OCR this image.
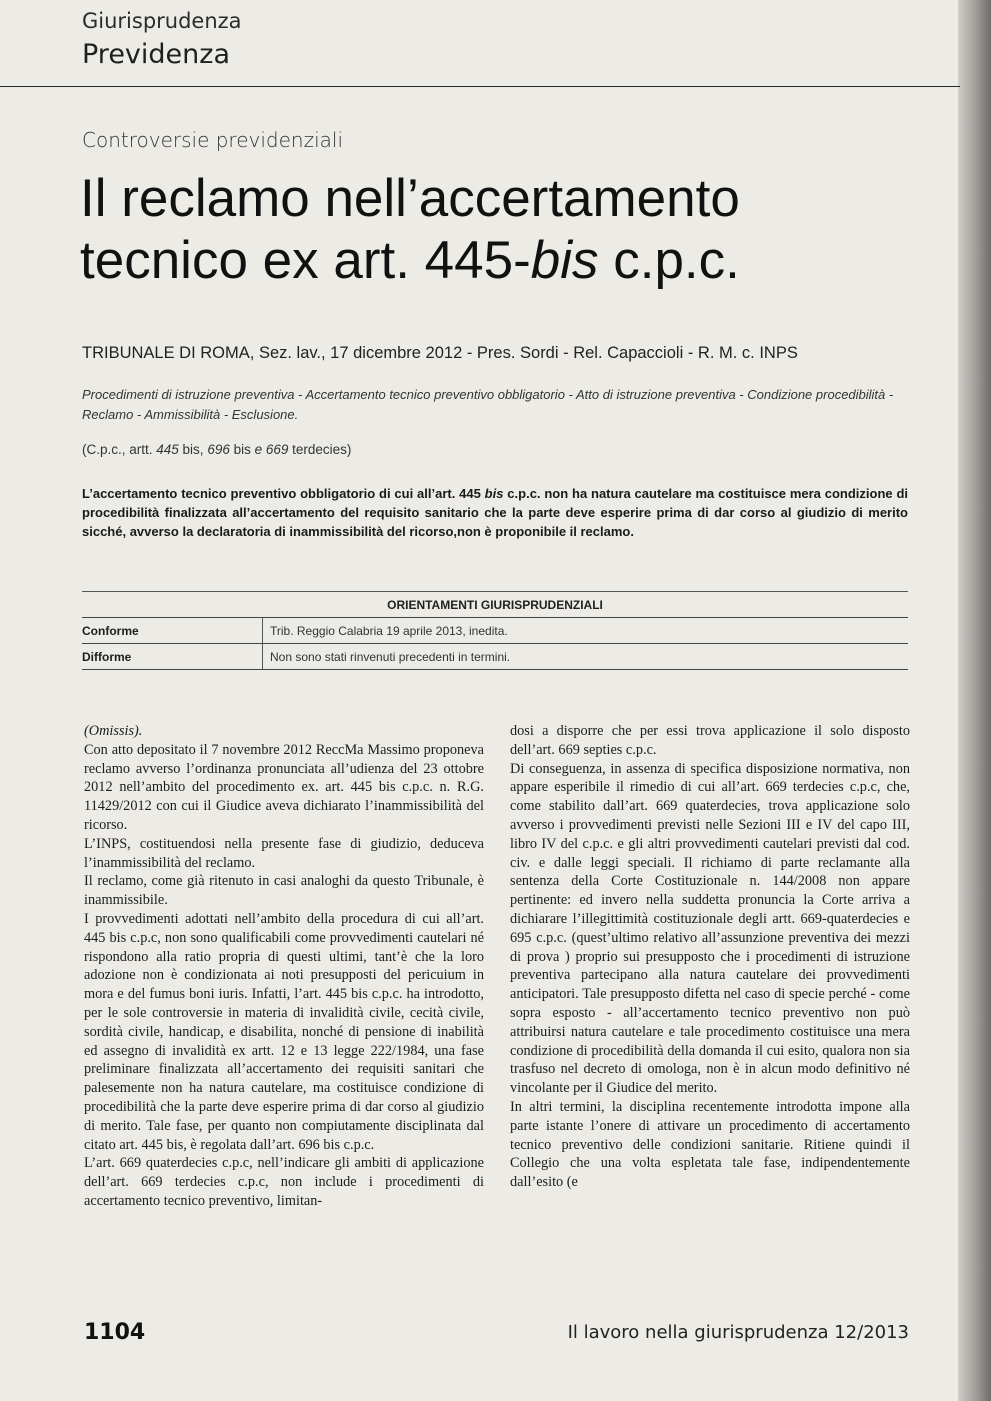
Giurisprudenza
Previdenza
Controversie previdenziali
Il reclamo nell’accertamento
tecnico ex art. 445-bis c.p.c.
TRIBUNALE DI ROMA, Sez. lav., 17 dicembre 2012 - Pres. Sordi - Rel. Capaccioli - R. M. c. INPS
Procedimenti di istruzione preventiva - Accertamento tecnico preventivo obbligatorio - Atto di istruzione preventiva - Condizione procedibilità - Reclamo - Ammissibilità - Esclusione.
(C.p.c., artt. 445 bis, 696 bis e 669 terdecies)
L’accertamento tecnico preventivo obbligatorio di cui all’art. 445 bis c.p.c. non ha natura cautelare ma costituisce mera condizione di procedibilità finalizzata all’accertamento del requisito sanitario che la parte deve esperire prima di dar corso al giudizio di merito sicché, avverso la declaratoria di inammissibilità del ricorso,non è proponibile il reclamo.
ORIENTAMENTI GIURISPRUDENZIALI
Conforme	Trib. Reggio Calabria 19 aprile 2013, inedita.
Difforme	Non sono stati rinvenuti precedenti in termini.

(Omissis).

Con atto depositato il 7 novembre 2012 ReccMa Massimo proponeva reclamo avverso l’ordinanza pronunciata all’udienza del 23 ottobre 2012 nell’ambito del procedimento ex. art. 445 bis c.p.c. n. R.G. 11429/2012 con cui il Giudice aveva dichiarato l’inammissibilità del ricorso.

L’INPS, costituendosi nella presente fase di giudizio, deduceva l’inammissibilità del reclamo.

Il reclamo, come già ritenuto in casi analoghi da questo Tribunale, è inammissibile.

I provvedimenti adottati nell’ambito della procedura di cui all’art. 445 bis c.p.c, non sono qualificabili come provvedimenti cautelari né rispondono alla ratio propria di questi ultimi, tant’è che la loro adozione non è condizionata ai noti presupposti del pericuium in mora e del fumus boni iuris. Infatti, l’art. 445 bis c.p.c. ha introdotto, per le sole controversie in materia di invalidità civile, cecità civile, sordità civile, handicap, e disabilita, nonché di pensione di inabilità ed assegno di invalidità ex artt. 12 e 13 legge 222/1984, una fase preliminare finalizzata all’accertamento dei requisiti sanitari che palesemente non ha natura cautelare, ma costituisce condizione di procedibilità che la parte deve esperire prima di dar corso al giudizio di merito. Tale fase, per quanto non compiutamente disciplinata dal citato art. 445 bis, è regolata dall’art. 696 bis c.p.c.

L’art. 669 quaterdecies c.p.c, nell’indicare gli ambiti di applicazione dell’art. 669 terdecies c.p.c, non include i procedimenti di accertamento tecnico preventivo, limitan-

dosi a disporre che per essi trova applicazione il solo disposto dell’art. 669 septies c.p.c.

Di conseguenza, in assenza di specifica disposizione normativa, non appare esperibile il rimedio di cui all’art. 669 terdecies c.p.c, che, come stabilito dall’art. 669 quaterdecies, trova applicazione solo avverso i provvedimenti previsti nelle Sezioni III e IV del capo III, libro IV del c.p.c. e gli altri provvedimenti cautelari previsti dal cod. civ. e dalle leggi speciali. Il richiamo di parte reclamante alla sentenza della Corte Costituzionale n. 144/2008 non appare pertinente: ed invero nella suddetta pronuncia la Corte arriva a dichiarare l’illegittimità costituzionale degli artt. 669-quaterdecies e 695 c.p.c. (quest’ultimo relativo all’assunzione preventiva dei mezzi di prova ) proprio sui presupposto che i procedimenti di istruzione preventiva partecipano alla natura cautelare dei provvedimenti anticipatori. Tale presupposto difetta nel caso di specie perché - come sopra esposto - all’accertamento tecnico preventivo non può attribuirsi natura cautelare e tale procedimento costituisce una mera condizione di procedibilità della domanda il cui esito, qualora non sia trasfuso nel decreto di omologa, non è in alcun modo definitivo né vincolante per il Giudice del merito.

In altri termini, la disciplina recentemente introdotta impone alla parte istante l’onere di attivare un procedimento di accertamento tecnico preventivo delle condizioni sanitarie. Ritiene quindi il Collegio che una volta espletata tale fase, indipendentemente dall’esito (e

1104	Il lavoro nella giurisprudenza 12/2013
